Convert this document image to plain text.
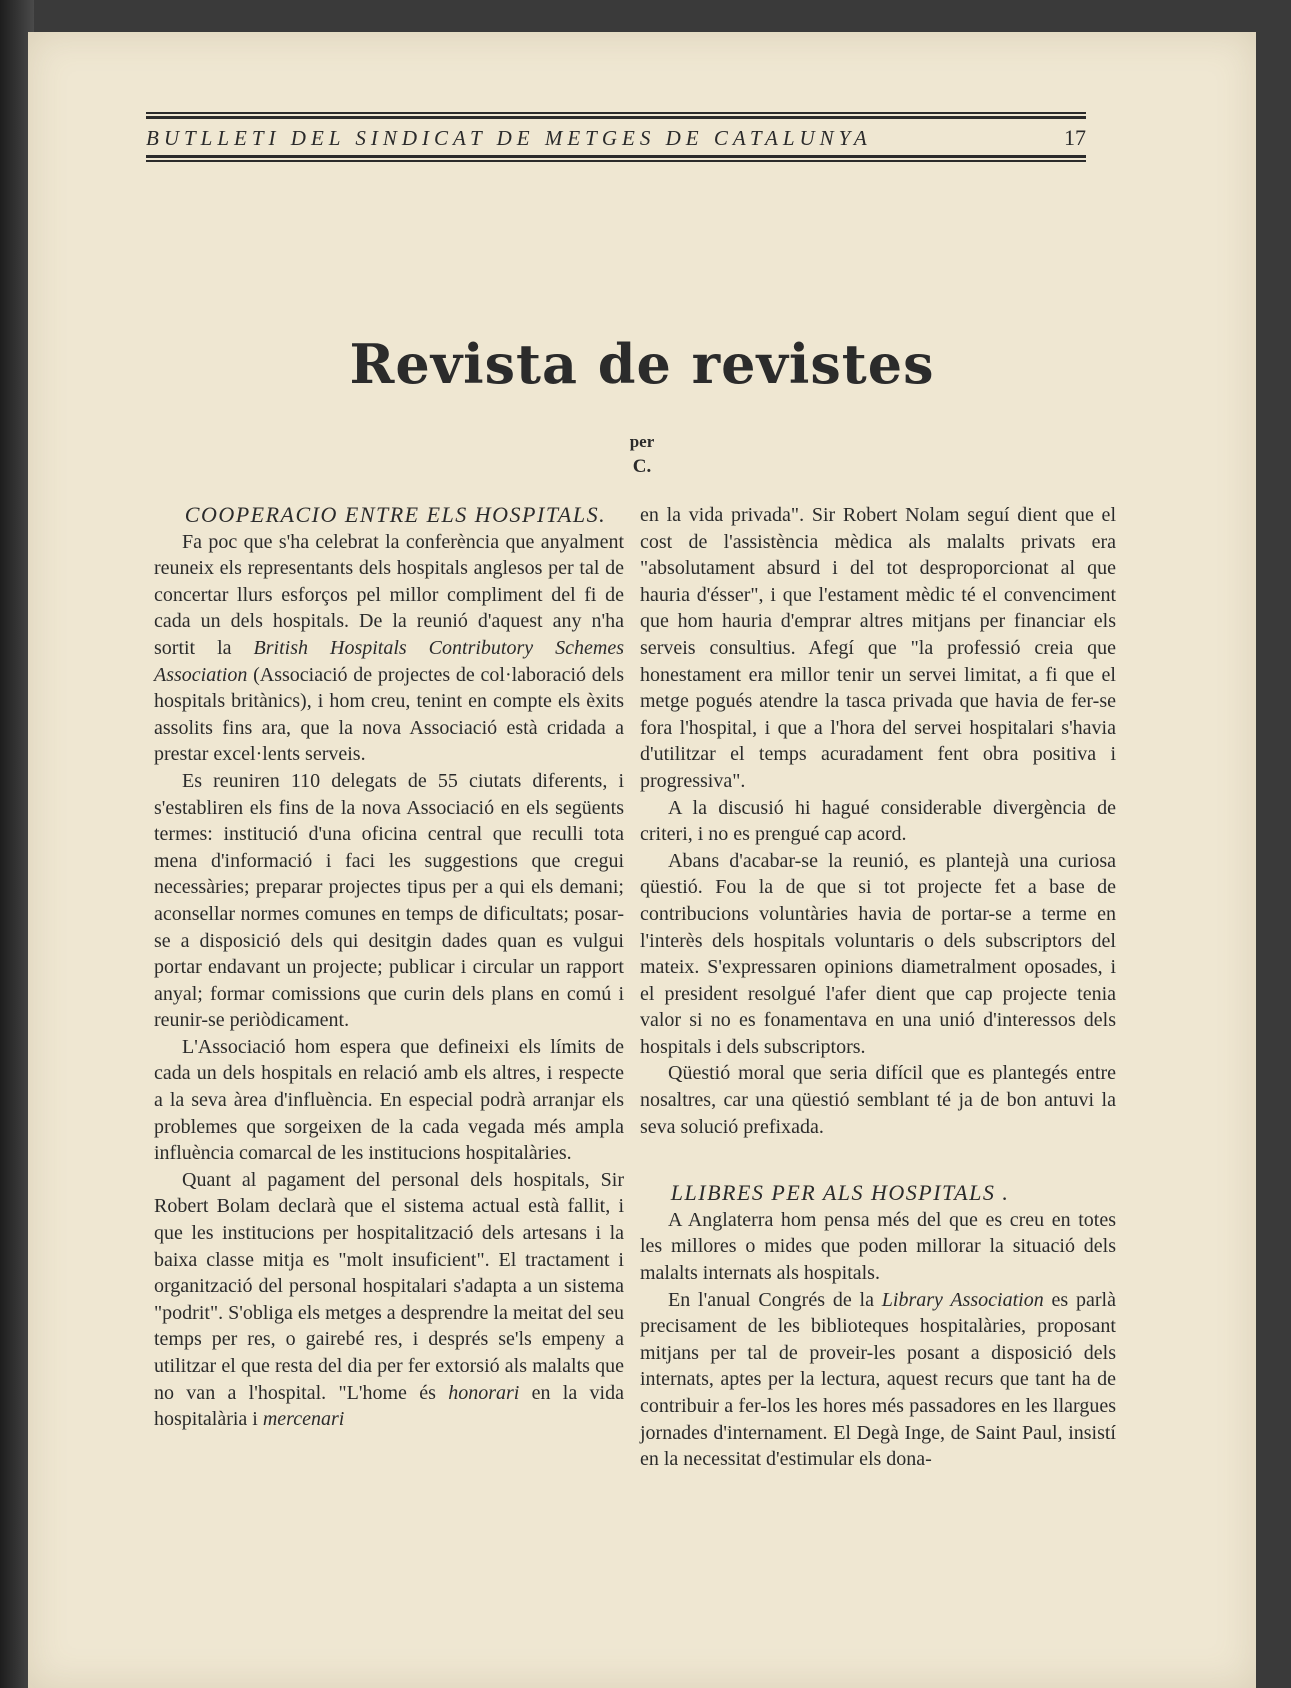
BUTLLETI DEL SINDICAT DE METGES DE CATALUNYA	17
Revista de revistes
per
C.

COOPERACIO ENTRE ELS HOSPITALS.

Fa poc que s'ha celebrat la conferència que anyalment reuneix els representants dels hospitals anglesos per tal de concertar llurs esforços pel millor compliment del fi de cada un dels hospitals. De la reunió d'aquest any n'ha sortit la British Hospitals Contributory Schemes Association (Associació de projectes de col·laboració dels hospitals britànics), i hom creu, tenint en compte els èxits assolits fins ara, que la nova Associació està cridada a prestar excel·lents serveis.

Es reuniren 110 delegats de 55 ciutats diferents, i s'establiren els fins de la nova Associació en els següents termes: institució d'una oficina central que reculli tota mena d'informació i faci les suggestions que cregui necessàries; preparar projectes tipus per a qui els demani; aconsellar normes comunes en temps de dificultats; posar-se a disposició dels qui desitgin dades quan es vulgui portar endavant un projecte; publicar i circular un rapport anyal; formar comissions que curin dels plans en comú i reunir-se periòdicament.

L'Associació hom espera que defineixi els límits de cada un dels hospitals en relació amb els altres, i respecte a la seva àrea d'influència. En especial podrà arranjar els problemes que sorgeixen de la cada vegada més ampla influència comarcal de les institucions hospitalàries.

Quant al pagament del personal dels hospitals, Sir Robert Bolam declarà que el sistema actual està fallit, i que les institucions per hospitalització dels artesans i la baixa classe mitja es "molt insuficient". El tractament i organització del personal hospitalari s'adapta a un sistema "podrit". S'obliga els metges a desprendre la meitat del seu temps per res, o gairebé res, i després se'ls empeny a utilitzar el que resta del dia per fer extorsió als malalts que no van a l'hospital. "L'home és honorari en la vida hospitalària i mercenari

en la vida privada". Sir Robert Nolam seguí dient que el cost de l'assistència mèdica als malalts privats era "absolutament absurd i del tot desproporcionat al que hauria d'ésser", i que l'estament mèdic té el convenciment que hom hauria d'emprar altres mitjans per financiar els serveis consultius. Afegí que "la professió creia que honestament era millor tenir un servei limitat, a fi que el metge pogués atendre la tasca privada que havia de fer-se fora l'hospital, i que a l'hora del servei hospitalari s'havia d'utilitzar el temps acuradament fent obra positiva i progressiva".

A la discusió hi hagué considerable divergència de criteri, i no es prengué cap acord.

Abans d'acabar-se la reunió, es plantejà una curiosa qüestió. Fou la de que si tot projecte fet a base de contribucions voluntàries havia de portar-se a terme en l'interès dels hospitals voluntaris o dels subscriptors del mateix. S'expressaren opinions diametralment oposades, i el president resolgué l'afer dient que cap projecte tenia valor si no es fonamentava en una unió d'interessos dels hospitals i dels subscriptors.

Qüestió moral que seria difícil que es plantegés entre nosaltres, car una qüestió semblant té ja de bon antuvi la seva solució prefixada.

LLIBRES PER ALS HOSPITALS .

A Anglaterra hom pensa més del que es creu en totes les millores o mides que poden millorar la situació dels malalts internats als hospitals.

En l'anual Congrés de la Library Association es parlà precisament de les biblioteques hospitalàries, proposant mitjans per tal de proveir-les posant a disposició dels internats, aptes per la lectura, aquest recurs que tant ha de contribuir a fer-los les hores més passadores en les llargues jornades d'internament. El Degà Inge, de Saint Paul, insistí en la necessitat d'estimular els dona-
